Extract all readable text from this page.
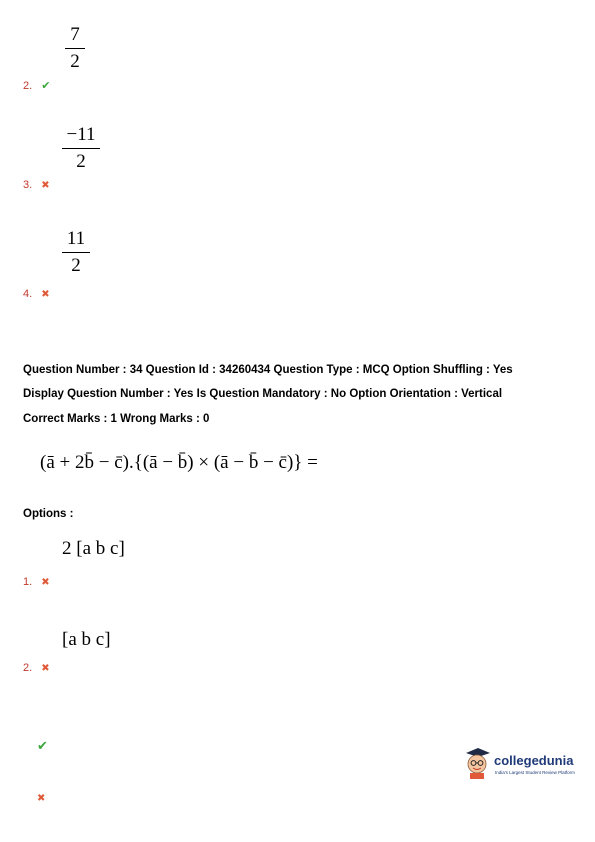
7
2
2. ✔
−11
2
3. ✖
11
2
4. ✖
Question Number : 34 Question Id : 34260434 Question Type : MCQ Option Shuffling : Yes
Display Question Number : Yes Is Question Mandatory : No Option Orientation : Vertical
Correct Marks : 1 Wrong Marks : 0
(ā + 2b̄ − c̄).{(ā − b̄) × (ā − b̄ − c̄)} =
Options :
2 [a b c]
1. ✖
[a b c]
2. ✖
✔
✖
collegedunia
India's Largest Student Review Platform
